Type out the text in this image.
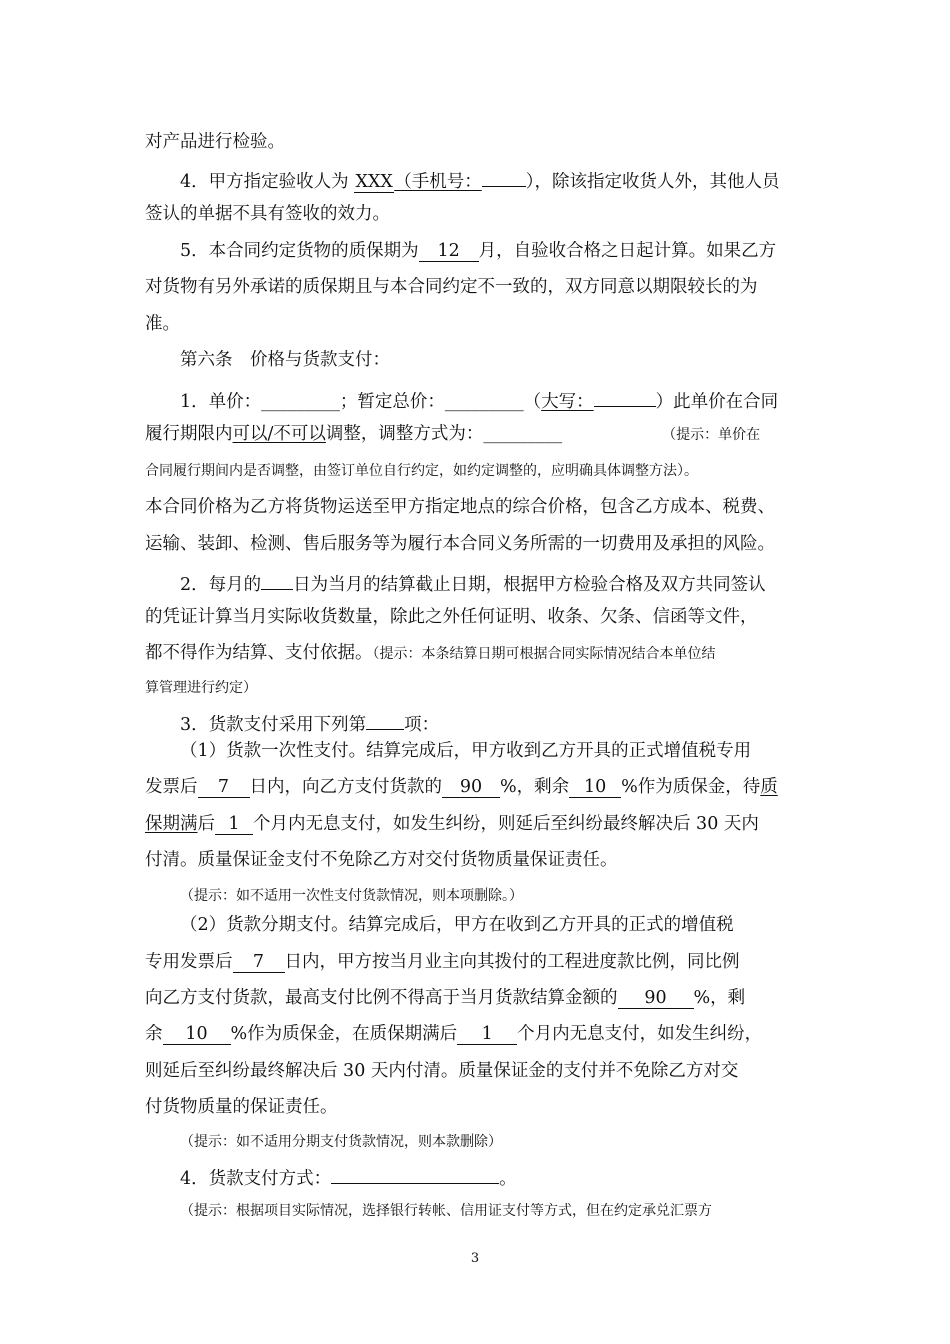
对产品进行检验。
4．甲方指定验收人为 XXX（手机号：	），除该指定收货人外，其他人员
签认的单据不具有签收的效力。
5．本合同约定货物的质保期为 12 月，自验收合格之日起计算。如果乙方
对货物有另外承诺的质保期且与本合同约定不一致的，双方同意以期限较长的为
准。
第六条　价格与货款支付：
1．单价：_________；暂定总价：_________（大写：	）此单价在合同
履行期限内可以/不可以调整，调整方式为：_________	（提示：单价在
合同履行期间内是否调整，由签订单位自行约定，如约定调整的，应明确具体调整方法）。
本合同价格为乙方将货物运送至甲方指定地点的综合价格，包含乙方成本、税费、
运输、装卸、检测、售后服务等为履行本合同义务所需的一切费用及承担的风险。
2．每月的 日为当月的结算截止日期，根据甲方检验合格及双方共同签认
的凭证计算当月实际收货数量，除此之外任何证明、收条、欠条、信函等文件，
都不得作为结算、支付依据。（提示：本条结算日期可根据合同实际情况结合本单位结
算管理进行约定）
3．货款支付采用下列第 项：
（1）货款一次性支付。结算完成后，甲方收到乙方开具的正式增值税专用
发票后 7 日内，向乙方支付货款的 90 %，剩余 10 %作为质保金，待质
保期满后 1 个月内无息支付，如发生纠纷，则延后至纠纷最终解决后 30 天内
付清。质量保证金支付不免除乙方对交付货物质量保证责任。
（提示：如不适用一次性支付货款情况，则本项删除。）
（2）货款分期支付。结算完成后，甲方在收到乙方开具的正式的增值税
专用发票后 7 日内，甲方按当月业主向其拨付的工程进度款比例，同比例
向乙方支付货款，最高支付比例不得高于当月货款结算金额的 90 %，剩
余 10 %作为质保金，在质保期满后 1 个月内无息支付，如发生纠纷，
则延后至纠纷最终解决后 30 天内付清。质量保证金的支付并不免除乙方对交
付货物质量的保证责任。
（提示：如不适用分期支付货款情况，则本款删除）
4．货款支付方式：	。
（提示：根据项目实际情况，选择银行转帐、信用证支付等方式，但在约定承兑汇票方
3
